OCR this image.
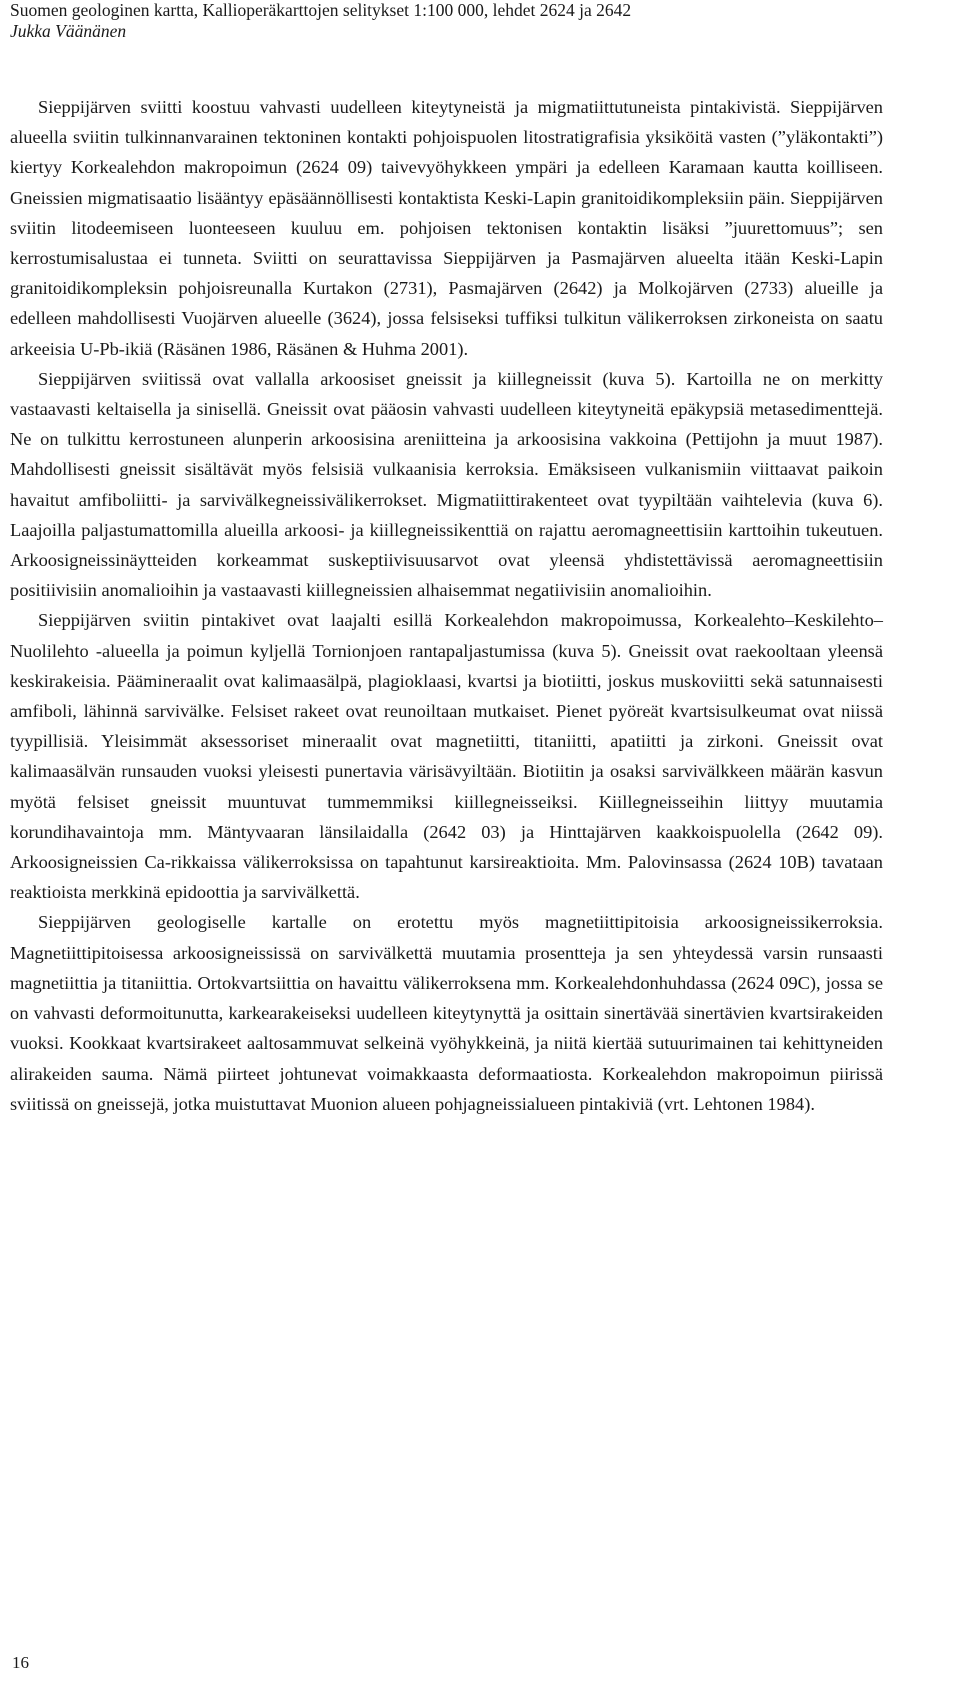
Suomen geologinen kartta, Kallioperäkarttojen selitykset 1:100 000, lehdet 2624 ja 2642
Jukka Väänänen

Sieppijärven sviitti koostuu vahvasti uudelleen kiteytyneistä ja migmatiittutuneista pintakivistä. Sieppijärven alueella sviitin tulkinnanvarainen tektoninen kontakti pohjoispuolen litostratigrafisia yksiköitä vasten (”yläkontakti”) kiertyy Korkealehdon makropoimun (2624 09) taivevyöhykkeen ympäri ja edelleen Karamaan kautta koilliseen. Gneissien migmatisaatio lisääntyy epäsäännöllisesti kontaktista Keski-Lapin granitoidikompleksiin päin. Sieppijärven sviitin litodeemiseen luonteeseen kuuluu em. pohjoisen tektonisen kontaktin lisäksi ”juurettomuus”; sen kerrostumisalustaa ei tunneta. Sviitti on seurattavissa Sieppijärven ja Pasmajärven alueelta itään Keski-Lapin granitoidikompleksin pohjoisreunalla Kurtakon (2731), Pasmajärven (2642) ja Molkojärven (2733) alueille ja edelleen mahdollisesti Vuojärven alueelle (3624), jossa felsiseksi tuffiksi tulkitun välikerroksen zirkoneista on saatu arkeeisia U-Pb-ikiä (Räsänen 1986, Räsänen & Huhma 2001).

Sieppijärven sviitissä ovat vallalla arkoosiset gneissit ja kiillegneissit (kuva 5). Kartoilla ne on merkitty vastaavasti keltaisella ja sinisellä. Gneissit ovat pääosin vahvasti uudelleen kiteytyneitä epäkypsiä metasedimenttejä. Ne on tulkittu kerrostuneen alunperin arkoosisina areniitteina ja arkoosisina vakkoina (Pettijohn ja muut 1987). Mahdollisesti gneissit sisältävät myös felsisiä vulkaanisia kerroksia. Emäksiseen vulkanismiin viittaavat paikoin havaitut amfiboliitti- ja sarvivälkegneissivälikerrokset. Migmatiittirakenteet ovat tyypiltään vaihtelevia (kuva 6). Laajoilla paljastumattomilla alueilla arkoosi- ja kiillegneissikenttiä on rajattu aeromagneettisiin karttoihin tukeutuen. Arkoosigneissinäytteiden korkeammat suskeptiivisuusarvot ovat yleensä yhdistettävissä aeromagneettisiin positiivisiin anomalioihin ja vastaavasti kiillegneissien alhaisemmat negatiivisiin anomalioihin.

Sieppijärven sviitin pintakivet ovat laajalti esillä Korkealehdon makropoimussa, Korkealehto–Keskilehto–Nuolilehto -alueella ja poimun kyljellä Tornionjoen rantapaljastumissa (kuva 5). Gneissit ovat raekooltaan yleensä keskirakeisia. Päämineraalit ovat kalimaasälpä, plagioklaasi, kvartsi ja biotiitti, joskus muskoviitti sekä satunnaisesti amfiboli, lähinnä sarvivälke. Felsiset rakeet ovat reunoiltaan mutkaiset. Pienet pyöreät kvartsisulkeumat ovat niissä tyypillisiä. Yleisimmät aksessoriset mineraalit ovat magnetiitti, titaniitti, apatiitti ja zirkoni. Gneissit ovat kalimaasälvän runsauden vuoksi yleisesti punertavia värisävyiltään. Biotiitin ja osaksi sarvivälkkeen määrän kasvun myötä felsiset gneissit muuntuvat tummemmiksi kiillegneisseiksi. Kiillegneisseihin liittyy muutamia korundihavaintoja mm. Mäntyvaaran länsilaidalla (2642 03) ja Hinttajärven kaakkoispuolella (2642 09). Arkoosigneissien Ca-rikkaissa välikerroksissa on tapahtunut karsireaktioita. Mm. Palovinsassa (2624 10B) tavataan reaktioista merkkinä epidoottia ja sarvivälkettä.

Sieppijärven geologiselle kartalle on erotettu myös magnetiittipitoisia arkoosigneissikerroksia. Magnetiittipitoisessa arkoosigneississä on sarvivälkettä muutamia prosentteja ja sen yhteydessä varsin runsaasti magnetiittia ja titaniittia. Ortokvartsiittia on havaittu välikerroksena mm. Korkealehdonhuhdassa (2624 09C), jossa se on vahvasti deformoitunutta, karkearakeiseksi uudelleen kiteytynyttä ja osittain sinertävää sinertävien kvartsirakeiden vuoksi. Kookkaat kvartsirakeet aaltosammuvat selkeinä vyöhykkeinä, ja niitä kiertää sutuurimainen tai kehittyneiden alirakeiden sauma. Nämä piirteet johtunevat voimakkaasta deformaatiosta. Korkealehdon makropoimun piirissä sviitissä on gneissejä, jotka muistuttavat Muonion alueen pohjagneissialueen pintakiviä (vrt. Lehtonen 1984).

16
